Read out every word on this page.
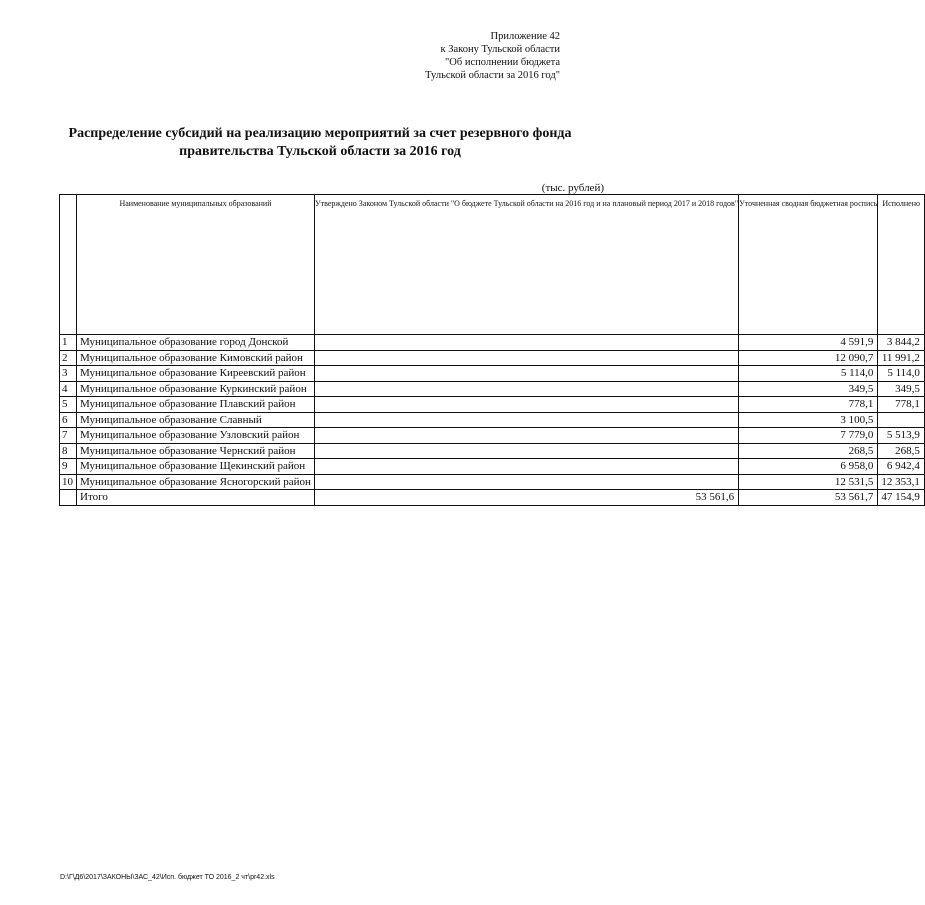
Приложение 42
к Закону Тульской области
"Об исполнении бюджета
Тульской области за 2016 год"
Распределение субсидий на реализацию мероприятий за счет резервного фонда
правительства Тульской области за 2016 год
(тыс. рублей)
	Наименование муниципальных образований	Утверждено Законом Тульской области "О бюджете Тульской области на 2016 год и на плановый период 2017 и 2018 годов"	Уточненная сводная бюджетная роспись	Исполнено
1	Муниципальное образование город Донской		4 591,9	3 844,2
2	Муниципальное образование Кимовский район		12 090,7	11 991,2
3	Муниципальное образование Киреевский район		5 114,0	5 114,0
4	Муниципальное образование Куркинский район		349,5	349,5
5	Муниципальное образование Плавский район		778,1	778,1
6	Муниципальное образование Славный		3 100,5	
7	Муниципальное образование Узловский район		7 779,0	5 513,9
8	Муниципальное образование Чернский район		268,5	268,5
9	Муниципальное образование Щекинский район		6 958,0	6 942,4
10	Муниципальное образование Ясногорский район		12 531,5	12 353,1
	Итого	53 561,6	53 561,7	47 154,9
D:\Г\Д6\2017\ЗАКОНЫ\ЗАС_42\Исп. бюджет ТО 2016_2 чт\pr42.xls
